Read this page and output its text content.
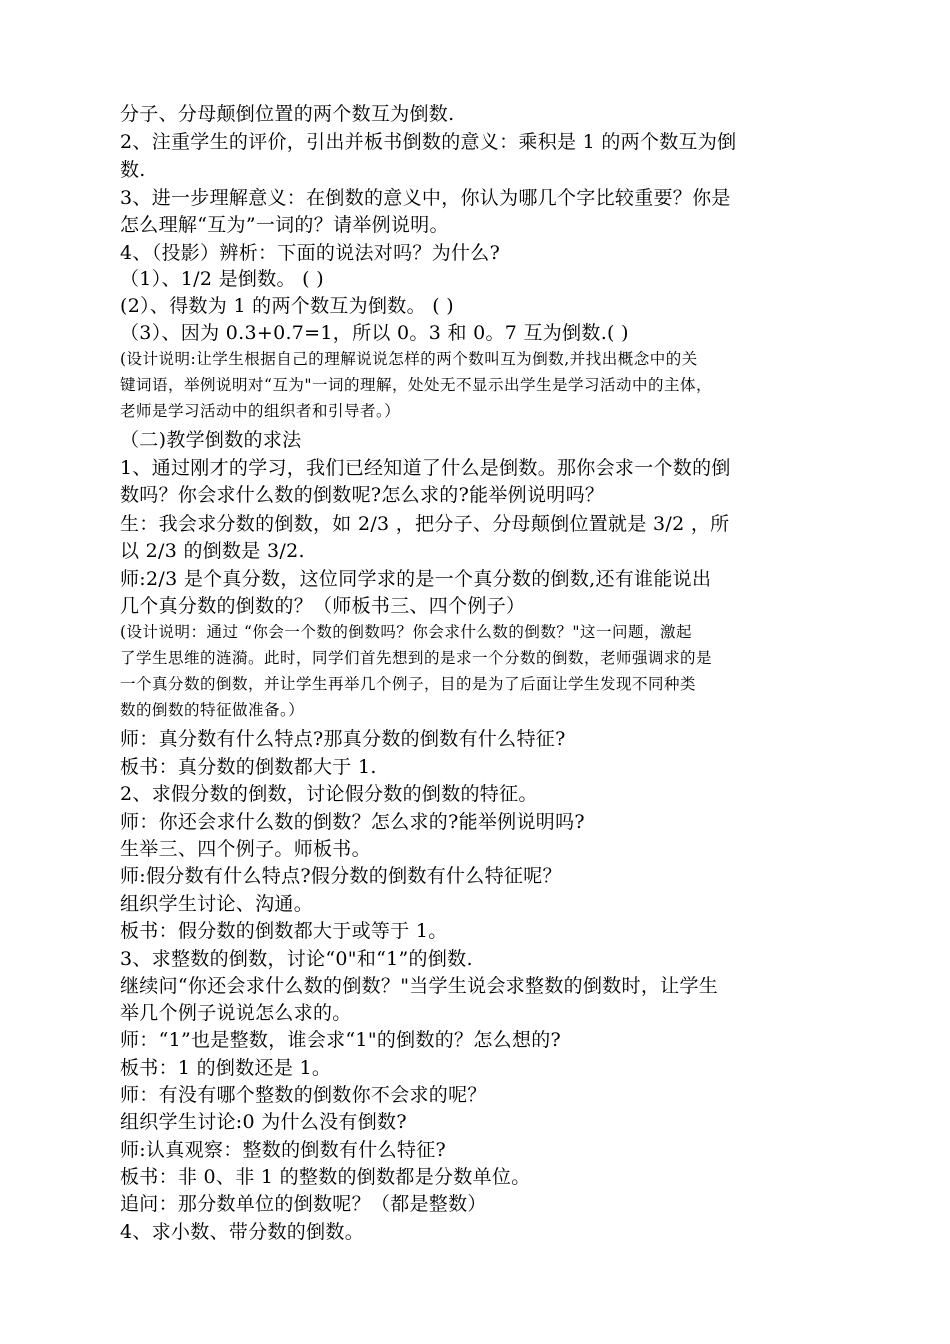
分子、分母颠倒位置的两个数互为倒数.
2、注重学生的评价，引出并板书倒数的意义：乘积是 1 的两个数互为倒
数.
3、进一步理解意义：在倒数的意义中，你认为哪几个字比较重要？你是
怎么理解“互为”一词的？请举例说明。
4、（投影）辨析：下面的说法对吗？为什么?
（1）、1/2 是倒数。 ( )
(2）、得数为 1 的两个数互为倒数。 ( )
（3）、因为 0.3+0.7=1，所以 0。3 和 0。7 互为倒数.( )
(设计说明:让学生根据自己的理解说说怎样的两个数叫互为倒数,并找出概念中的关
键词语，举例说明对“互为"一词的理解，处处无不显示出学生是学习活动中的主体，
老师是学习活动中的组织者和引导者。）
（二)教学倒数的求法
1、通过刚才的学习，我们已经知道了什么是倒数。那你会求一个数的倒
数吗？你会求什么数的倒数呢?怎么求的?能举例说明吗？
生：我会求分数的倒数，如 2/3 ，把分子、分母颠倒位置就是 3/2 ，所
以 2/3 的倒数是 3/2.
师:2/3 是个真分数，这位同学求的是一个真分数的倒数,还有谁能说出
几个真分数的倒数的？（师板书三、四个例子）
(设计说明：通过 “你会一个数的倒数吗？你会求什么数的倒数？"这一问题，激起
了学生思维的涟漪。此时，同学们首先想到的是求一个分数的倒数，老师强调求的是
一个真分数的倒数，并让学生再举几个例子，目的是为了后面让学生发现不同种类
数的倒数的特征做准备。）
师：真分数有什么特点?那真分数的倒数有什么特征?
板书：真分数的倒数都大于 1.
2、求假分数的倒数，讨论假分数的倒数的特征。
师：你还会求什么数的倒数？怎么求的?能举例说明吗?
生举三、四个例子。师板书。
师:假分数有什么特点?假分数的倒数有什么特征呢？
组织学生讨论、沟通。
板书：假分数的倒数都大于或等于 1。
3、求整数的倒数，讨论“0"和“1”的倒数.
继续问“你还会求什么数的倒数？"当学生说会求整数的倒数时，让学生
举几个例子说说怎么求的。
师：“1”也是整数，谁会求“1"的倒数的？怎么想的?
板书：1 的倒数还是 1。
师：有没有哪个整数的倒数你不会求的呢？
组织学生讨论:0 为什么没有倒数?
师:认真观察：整数的倒数有什么特征?
板书：非 0、非 1 的整数的倒数都是分数单位。
追问：那分数单位的倒数呢？（都是整数）
4、求小数、带分数的倒数。
